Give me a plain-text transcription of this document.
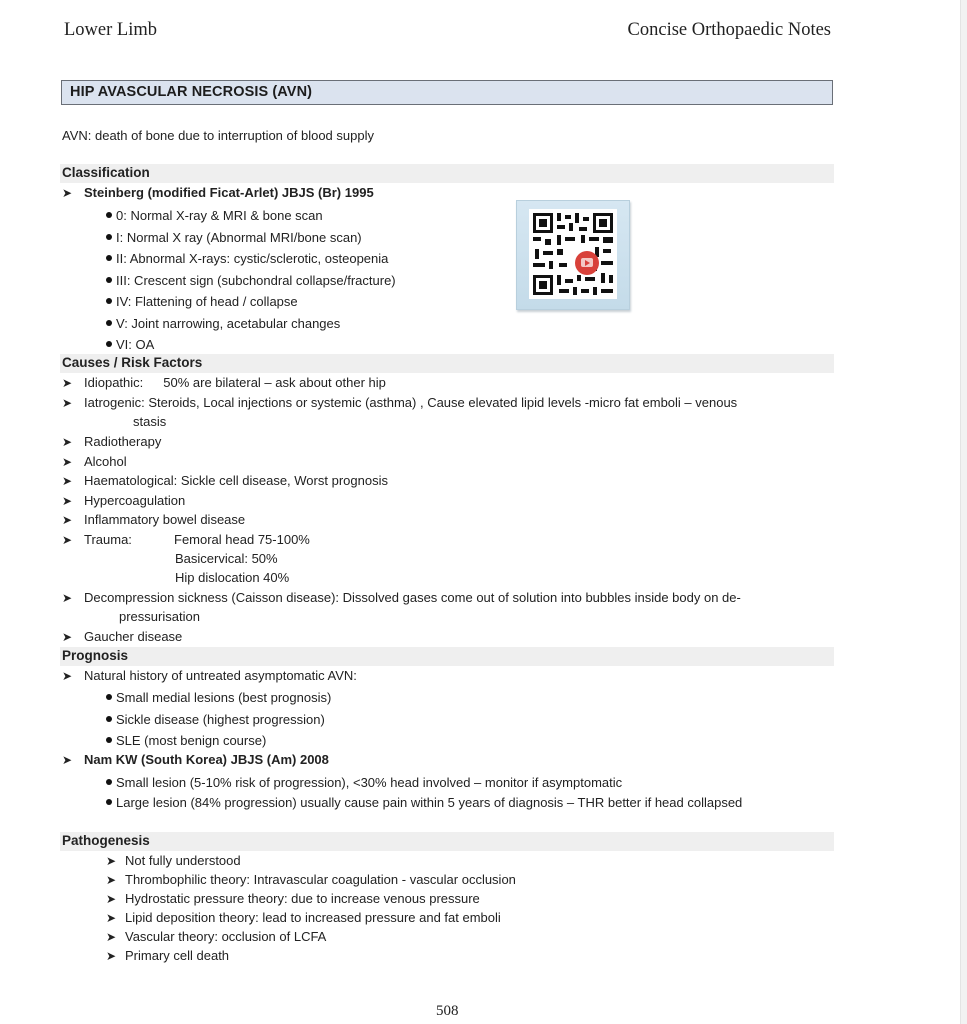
Lower Limb	Concise Orthopaedic Notes
HIP AVASCULAR NECROSIS (AVN)
AVN: death of bone due to interruption of blood supply
Classification
➤ Steinberg (modified Ficat-Arlet) JBJS (Br) 1995
0: Normal X-ray & MRI & bone scan
I: Normal X ray (Abnormal MRI/bone scan)
II: Abnormal X-rays: cystic/sclerotic, osteopenia
III: Crescent sign (subchondral collapse/fracture)
IV: Flattening of head / collapse
V: Joint narrowing, acetabular changes
VI: OA
Causes / Risk Factors
➤ Idiopathic: 50% are bilateral – ask about other hip
➤ Iatrogenic: Steroids, Local injections or systemic (asthma) , Cause elevated lipid levels -micro fat emboli – venous
stasis
➤ Radiotherapy
➤ Alcohol
➤ Haematological: Sickle cell disease, Worst prognosis
➤ Hypercoagulation
➤ Inflammatory bowel disease
➤ Trauma:	Femoral head 75-100%
Basicervical: 50%
Hip dislocation 40%
➤ Decompression sickness (Caisson disease): Dissolved gases come out of solution into bubbles inside body on de-
pressurisation
➤ Gaucher disease
Prognosis
➤ Natural history of untreated asymptomatic AVN:
Small medial lesions (best prognosis)
Sickle disease (highest progression)
SLE (most benign course)
➤ Nam KW (South Korea) JBJS (Am) 2008
Small lesion (5-10% risk of progression), <30% head involved – monitor if asymptomatic
Large lesion (84% progression) usually cause pain within 5 years of diagnosis – THR better if head collapsed
Pathogenesis
➤ Not fully understood
➤ Thrombophilic theory: Intravascular coagulation - vascular occlusion
➤ Hydrostatic pressure theory: due to increase venous pressure
➤ Lipid deposition theory: lead to increased pressure and fat emboli
➤ Vascular theory: occlusion of LCFA
➤ Primary cell death
508
